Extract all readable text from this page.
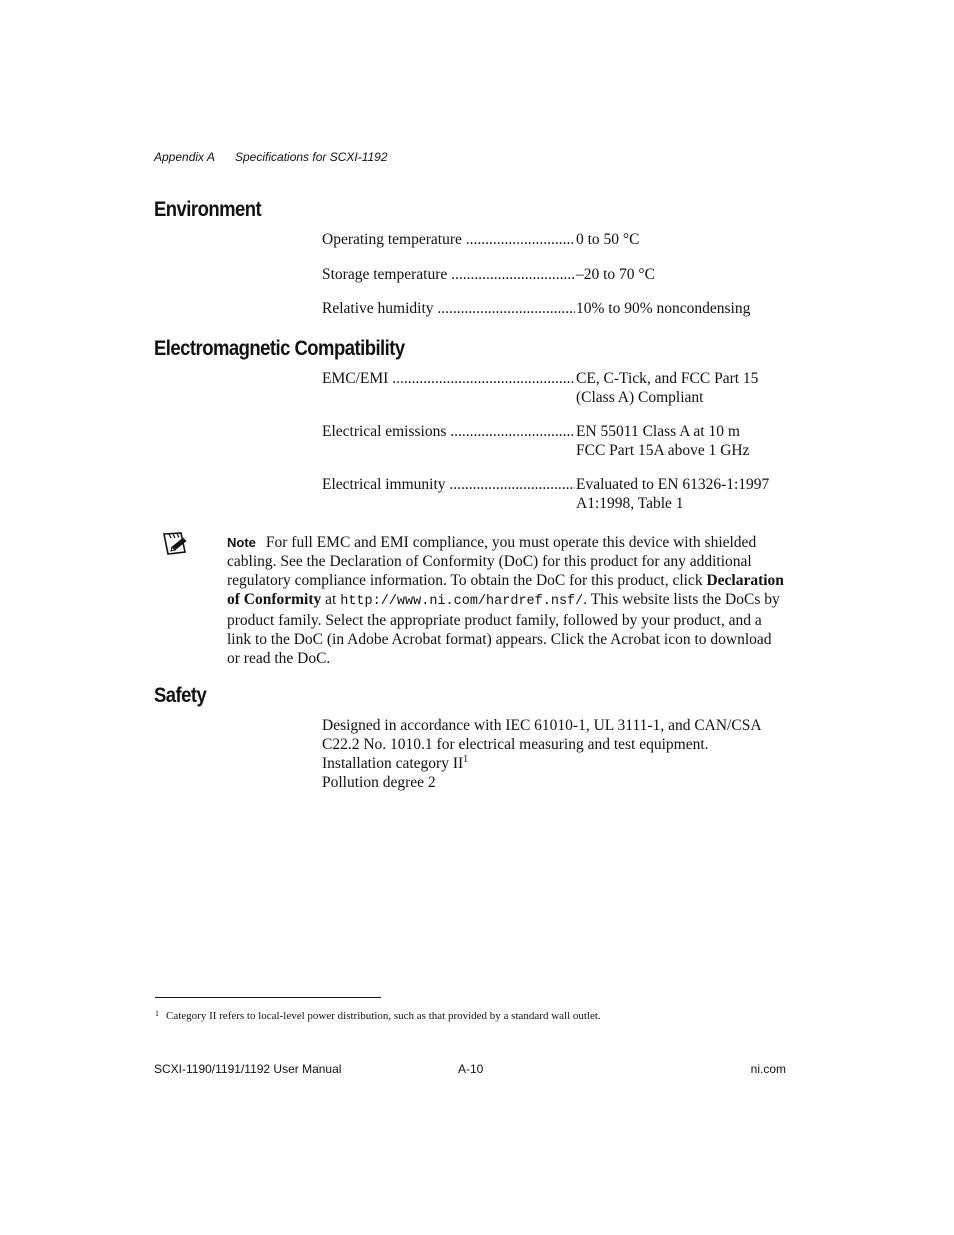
Appendix A Specifications for SCXI-1192
Environment
Operating temperature .....	0 to 50 °C
Storage temperature .....	–20 to 70 °C
Relative humidity .....	10% to 90% noncondensing
Electromagnetic Compatibility
EMC/EMI .....	CE, C-Tick, and FCC Part 15
(Class A) Compliant
Electrical emissions .....	EN 55011 Class A at 10 m
FCC Part 15A above 1 GHz
Electrical immunity .....	Evaluated to EN 61326-1:1997
A1:1998, Table 1
Note For full EMC and EMI compliance, you must operate this device with shielded cabling. See the Declaration of Conformity (DoC) for this product for any additional regulatory compliance information. To obtain the DoC for this product, click Declaration of Conformity at http://www.ni.com/hardref.nsf/. This website lists the DoCs by product family. Select the appropriate product family, followed by your product, and a link to the DoC (in Adobe Acrobat format) appears. Click the Acrobat icon to download or read the DoC.
Safety
Designed in accordance with IEC 61010-1, UL 3111-1, and CAN/CSA
C22.2 No. 1010.1 for electrical measuring and test equipment.
Installation category $II^1$
Pollution degree 2
$^1$ Category II refers to local-level power distribution, such as that provided by a standard wall outlet.
SCXI-1190/1191/1192 User Manual	A-10	ni.com
